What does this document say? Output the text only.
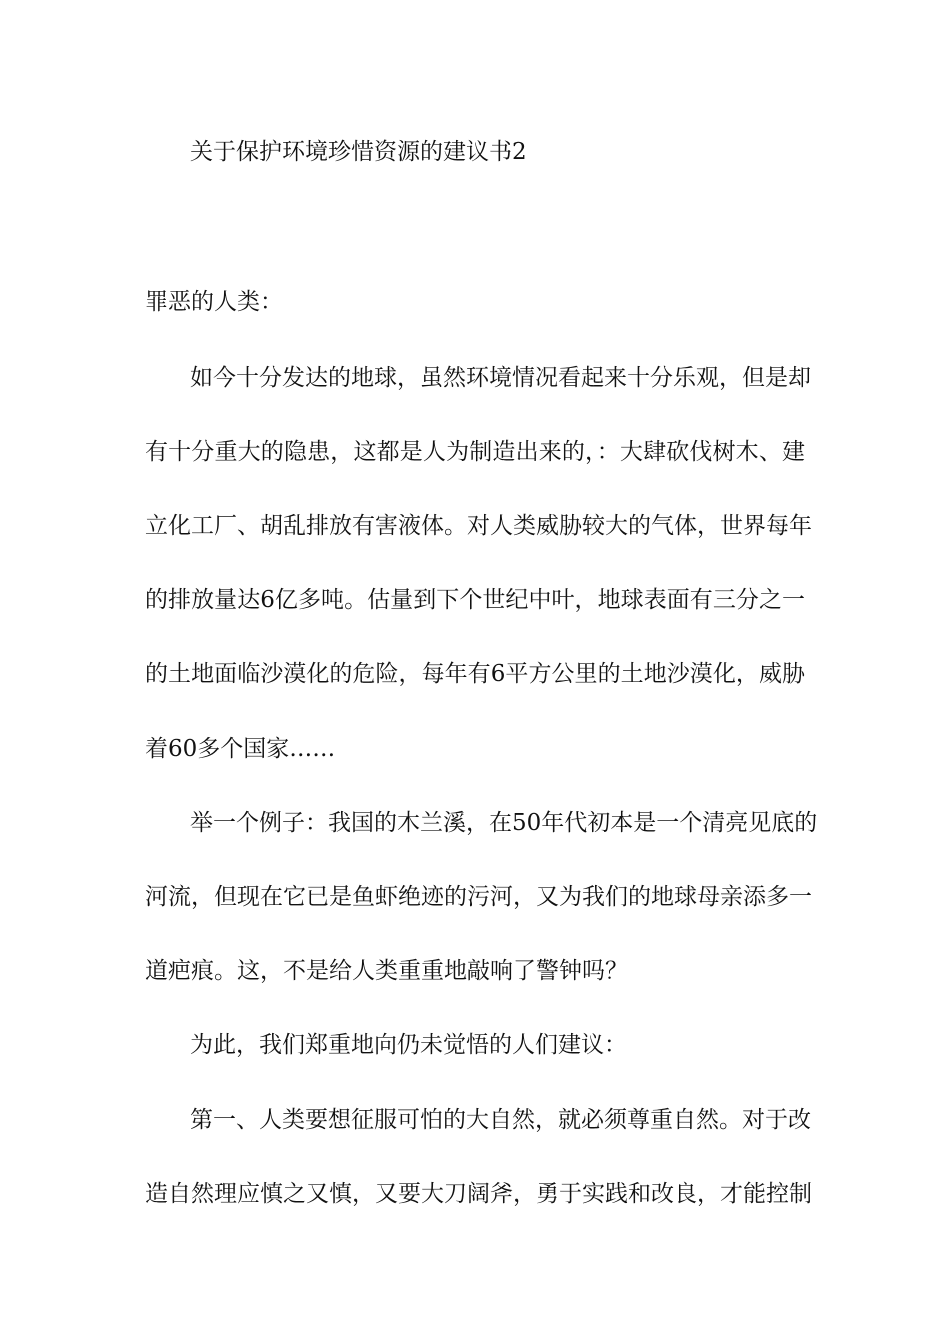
关于保护环境珍惜资源的建议书2
罪恶的人类：
如今十分发达的地球，虽然环境情况看起来十分乐观，但是却
有十分重大的隐患，这都是人为制造出来的，：大肆砍伐树木、建
立化工厂、胡乱排放有害液体。对人类威胁较大的气体，世界每年
的排放量达6亿多吨。估量到下个世纪中叶，地球表面有三分之一
的土地面临沙漠化的危险，每年有6平方公里的土地沙漠化，威胁
着60多个国家……
举一个例子：我国的木兰溪，在50年代初本是一个清亮见底的
河流，但现在它已是鱼虾绝迹的污河，又为我们的地球母亲添多一
道疤痕。这，不是给人类重重地敲响了警钟吗？
为此，我们郑重地向仍未觉悟的人们建议：
第一、人类要想征服可怕的大自然，就必须尊重自然。对于改
造自然理应慎之又慎，又要大刀阔斧，勇于实践和改良，才能控制
